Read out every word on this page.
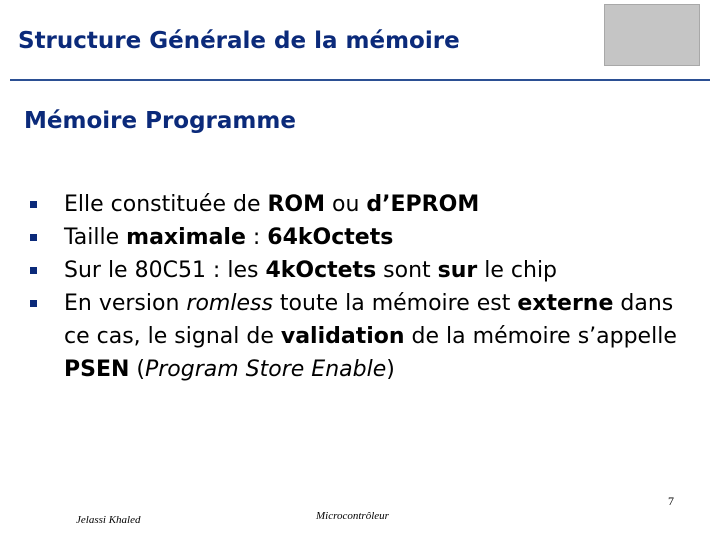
Structure Générale de la mémoire
Mémoire Programme
Elle constituée de ROM ou d’EPROM
Taille maximale : 64kOctets
Sur le 80C51 : les 4kOctets sont sur le chip
En version romless toute la mémoire est externe dans ce cas, le signal de validation de la mémoire s’appelle PSEN (Program Store Enable)
Jelassi Khaled	Microcontrôleur
7
